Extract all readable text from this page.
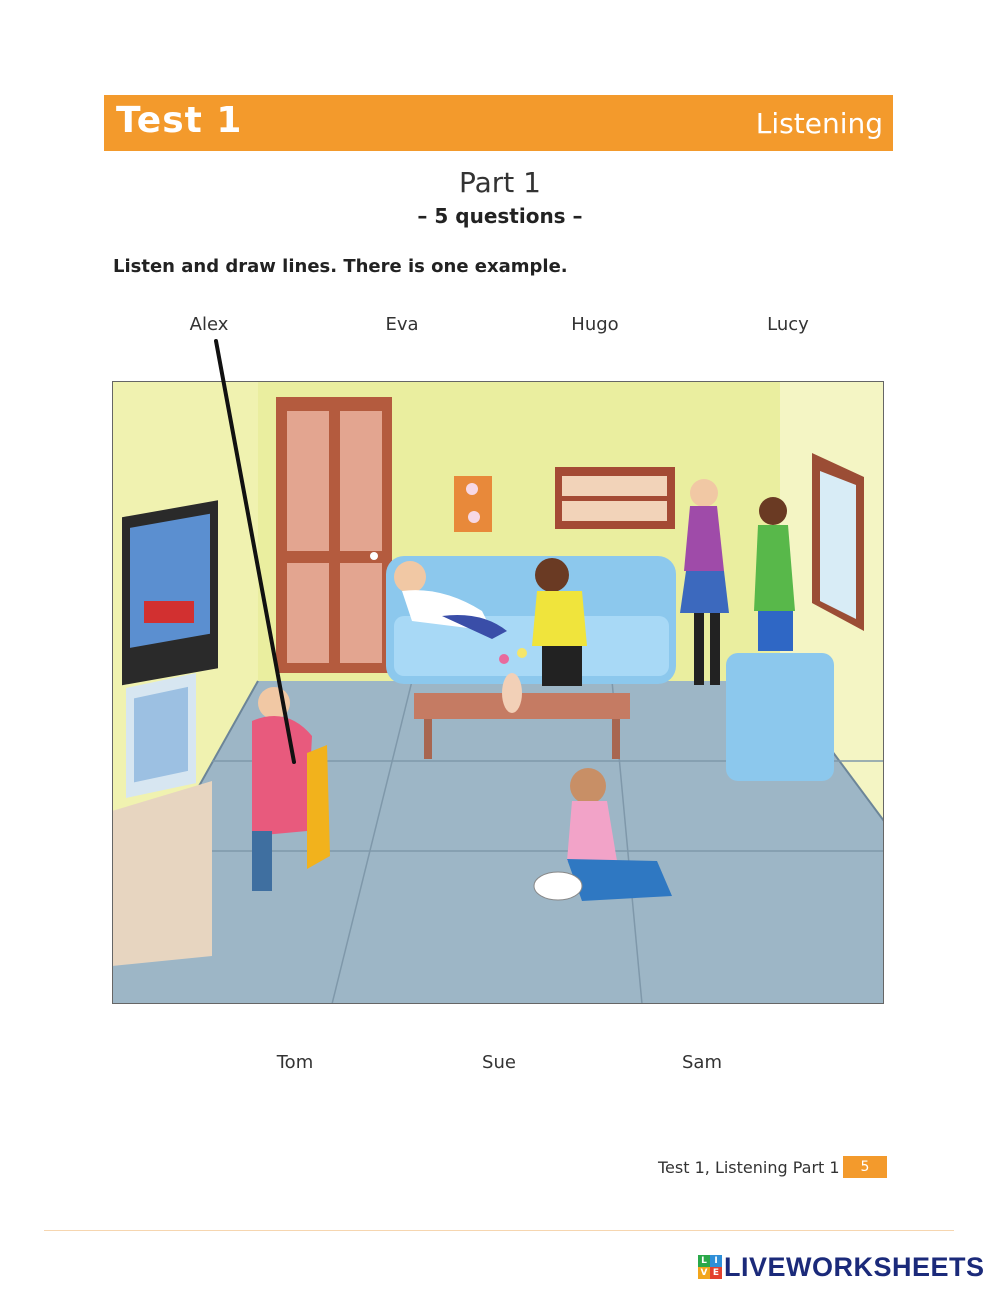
Test 1	Listening
Part 1
– 5 questions –
Listen and draw lines. There is one example.
Alex	Eva	Hugo	Lucy
Tom	Sue	Sam
Test 1, Listening Part 1	5
L I
V E LIVEWORKSHEETS
